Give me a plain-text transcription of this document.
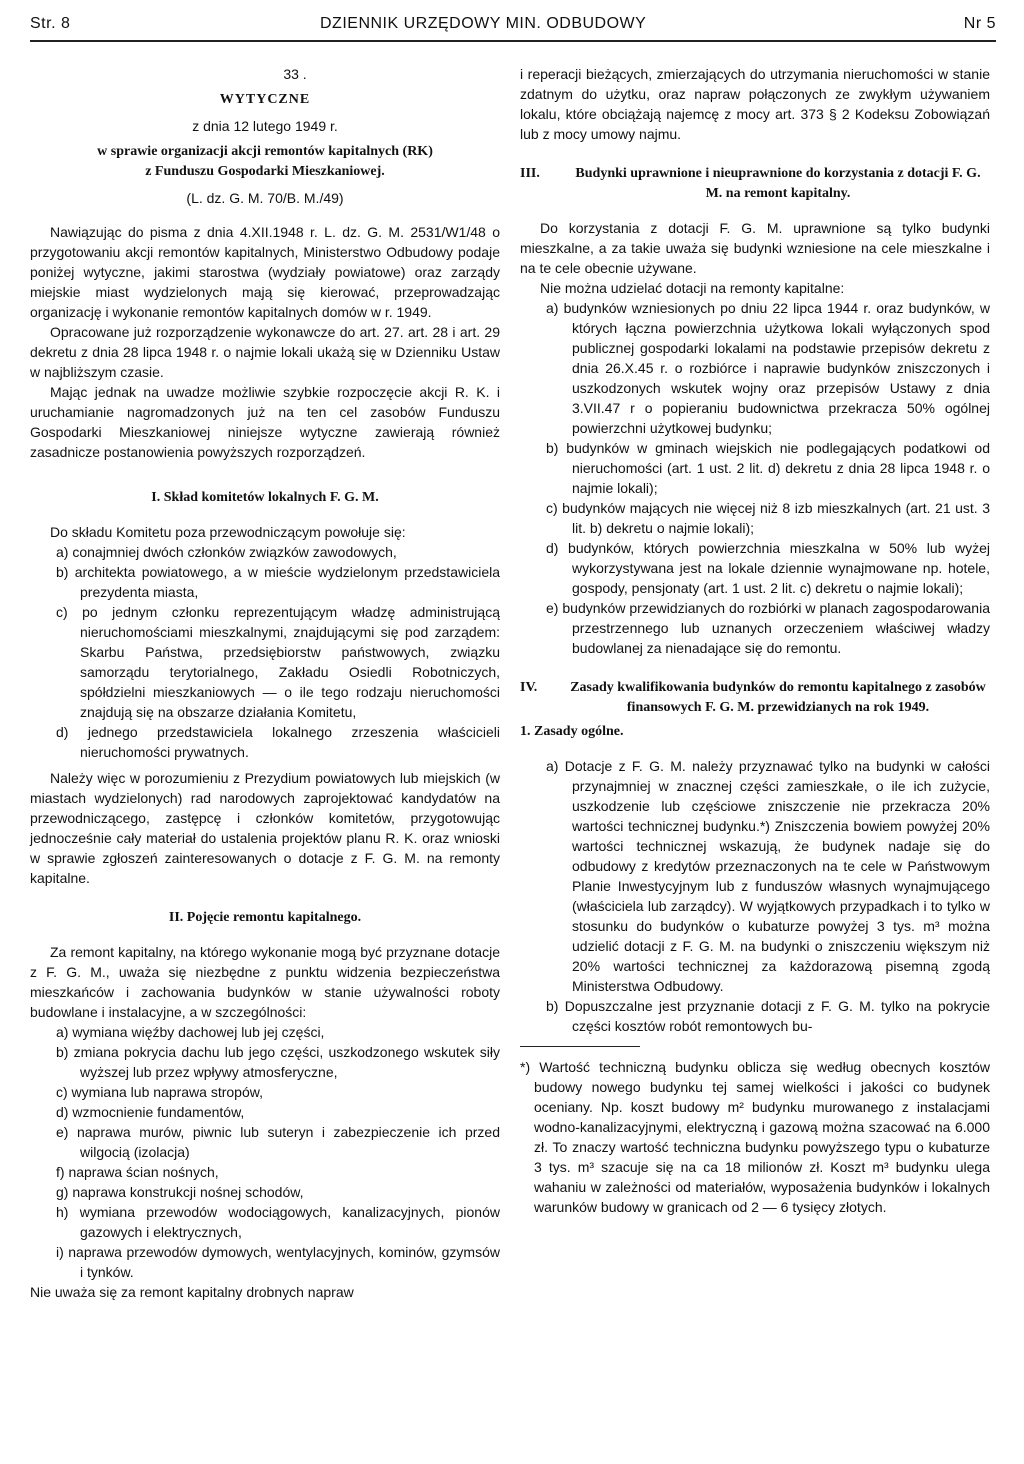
Str. 8	DZIENNIK URZĘDOWY MIN. ODBUDOWY	Nr 5
33 .
WYTYCZNE
z dnia 12 lutego 1949 r.
w sprawie organizacji akcji remontów kapitalnych (RK)
z Funduszu Gospodarki Mieszkaniowej.
(L. dz. G. M. 70/B. M./49)

Nawiązując do pisma z dnia 4.XII.1948 r. L. dz. G. M. 2531/W1/48 o przygotowaniu akcji remontów kapitalnych, Ministerstwo Odbudowy podaje poniżej wytyczne, jakimi starostwa (wydziały powiatowe) oraz zarządy miejskie miast wydzielonych mają się kierować, przeprowadzając organizację i wykonanie remontów kapitalnych domów w r. 1949.

Opracowane już rozporządzenie wykonawcze do art. 27. art. 28 i art. 29 dekretu z dnia 28 lipca 1948 r. o najmie lokali ukażą się w Dzienniku Ustaw w najbliższym czasie.

Mając jednak na uwadze możliwie szybkie rozpoczęcie akcji R. K. i uruchamianie nagromadzonych już na ten cel zasobów Funduszu Gospodarki Mieszkaniowej niniejsze wytyczne zawierają również zasadnicze postanowienia powyższych rozporządzeń.

I. Skład komitetów lokalnych F. G. M.

Do składu Komitetu poza przewodniczącym powołuje się:

a) conajmniej dwóch członków związków zawodowych,
b) architekta powiatowego, a w mieście wydzielonym przedstawiciela prezydenta miasta,
c) po jednym członku reprezentującym władzę administrującą nieruchomościami mieszkalnymi, znajdującymi się pod zarządem: Skarbu Państwa, przedsiębiorstw państwowych, związku samorządu terytorialnego, Zakładu Osiedli Robotniczych, spółdzielni mieszkaniowych — o ile tego rodzaju nieruchomości znajdują się na obszarze działania Komitetu,
d) jednego przedstawiciela lokalnego zrzeszenia właścicieli nieruchomości prywatnych.

Należy więc w porozumieniu z Prezydium powiatowych lub miejskich (w miastach wydzielonych) rad narodowych zaprojektować kandydatów na przewodniczącego, zastępcę i członków komitetów, przygotowując jednocześnie cały materiał do ustalenia projektów planu R. K. oraz wnioski w sprawie zgłoszeń zainteresowanych o dotacje z F. G. M. na remonty kapitalne.

II. Pojęcie remontu kapitalnego.

Za remont kapitalny, na którego wykonanie mogą być przyznane dotacje z F. G. M., uważa się niezbędne z punktu widzenia bezpieczeństwa mieszkańców i zachowania budynków w stanie używalności roboty budowlane i instalacyjne, a w szczególności:

a) wymiana więźby dachowej lub jej części,
b) zmiana pokrycia dachu lub jego części, uszkodzonego wskutek siły wyższej lub przez wpływy atmosferyczne,
c) wymiana lub naprawa stropów,
d) wzmocnienie fundamentów,
e) naprawa murów, piwnic lub suteryn i zabezpieczenie ich przed wilgocią (izolacja)
f) naprawa ścian nośnych,
g) naprawa konstrukcji nośnej schodów,
h) wymiana przewodów wodociągowych, kanalizacyjnych, pionów gazowych i elektrycznych,
i) naprawa przewodów dymowych, wentylacyjnych, kominów, gzymsów i tynków.

Nie uważa się za remont kapitalny drobnych napraw

i reperacji bieżących, zmierzających do utrzymania nieruchomości w stanie zdatnym do użytku, oraz napraw połączonych ze zwykłym używaniem lokalu, które obciążają najemcę z mocy art. 373 § 2 Kodeksu Zobowiązań lub z mocy umowy najmu.

III.	Budynki uprawnione i nieuprawnione do korzystania z dotacji F. G. M. na remont kapitalny.

Do korzystania z dotacji F. G. M. uprawnione są tylko budynki mieszkalne, a za takie uważa się budynki wzniesione na cele mieszkalne i na te cele obecnie używane.

Nie można udzielać dotacji na remonty kapitalne:

a) budynków wzniesionych po dniu 22 lipca 1944 r. oraz budynków, w których łączna powierzchnia użytkowa lokali wyłączonych spod publicznej gospodarki lokalami na podstawie przepisów dekretu z dnia 26.X.45 r. o rozbiórce i naprawie budynków zniszczonych i uszkodzonych wskutek wojny oraz przepisów Ustawy z dnia 3.VII.47 r o popieraniu budownictwa przekracza 50% ogólnej powierzchni użytkowej budynku;
b) budynków w gminach wiejskich nie podlegających podatkowi od nieruchomości (art. 1 ust. 2 lit. d) dekretu z dnia 28 lipca 1948 r. o najmie lokali);
c) budynków mających nie więcej niż 8 izb mieszkalnych (art. 21 ust. 3 lit. b) dekretu o najmie lokali);
d) budynków, których powierzchnia mieszkalna w 50% lub wyżej wykorzystywana jest na lokale dziennie wynajmowane np. hotele, gospody, pensjonaty (art. 1 ust. 2 lit. c) dekretu o najmie lokali);
e) budynków przewidzianych do rozbiórki w planach zagospodarowania przestrzennego lub uznanych orzeczeniem właściwej władzy budowlanej za nienadające się do remontu.
IV.	Zasady kwalifikowania budynków do remontu kapitalnego z zasobów finansowych F. G. M. przewidzianych na rok 1949.
1. Zasady ogólne.
a) Dotacje z F. G. M. należy przyznawać tylko na budynki w całości przynajmniej w znacznej części zamieszkałe, o ile ich zużycie, uszkodzenie lub częściowe zniszczenie nie przekracza 20% wartości technicznej budynku.*) Zniszczenia bowiem powyżej 20% wartości technicznej wskazują, że budynek nadaje się do odbudowy z kredytów przeznaczonych na te cele w Państwowym Planie Inwestycyjnym lub z funduszów własnych wynajmującego (właściciela lub zarządcy). W wyjątkowych przypadkach i to tylko w stosunku do budynków o kubaturze powyżej 3 tys. m³ można udzielić dotacji z F. G. M. na budynki o zniszczeniu większym niż 20% wartości technicznej za każdorazową pisemną zgodą Ministerstwa Odbudowy.
b) Dopuszczalne jest przyznanie dotacji z F. G. M. tylko na pokrycie części kosztów robót remontowych bu-

*) Wartość techniczną budynku oblicza się według obecnych kosztów budowy nowego budynku tej samej wielkości i jakości co budynek oceniany. Np. koszt budowy m² budynku murowanego z instalacjami wodno-kanalizacyjnymi, elektryczną i gazową można szacować na 6.000 zł. To znaczy wartość techniczna budynku powyższego typu o kubaturze 3 tys. m³ szacuje się na ca 18 milionów zł. Koszt m³ budynku ulega wahaniu w zależności od materiałów, wyposażenia budynków i lokalnych warunków budowy w granicach od 2 — 6 tysięcy złotych.
